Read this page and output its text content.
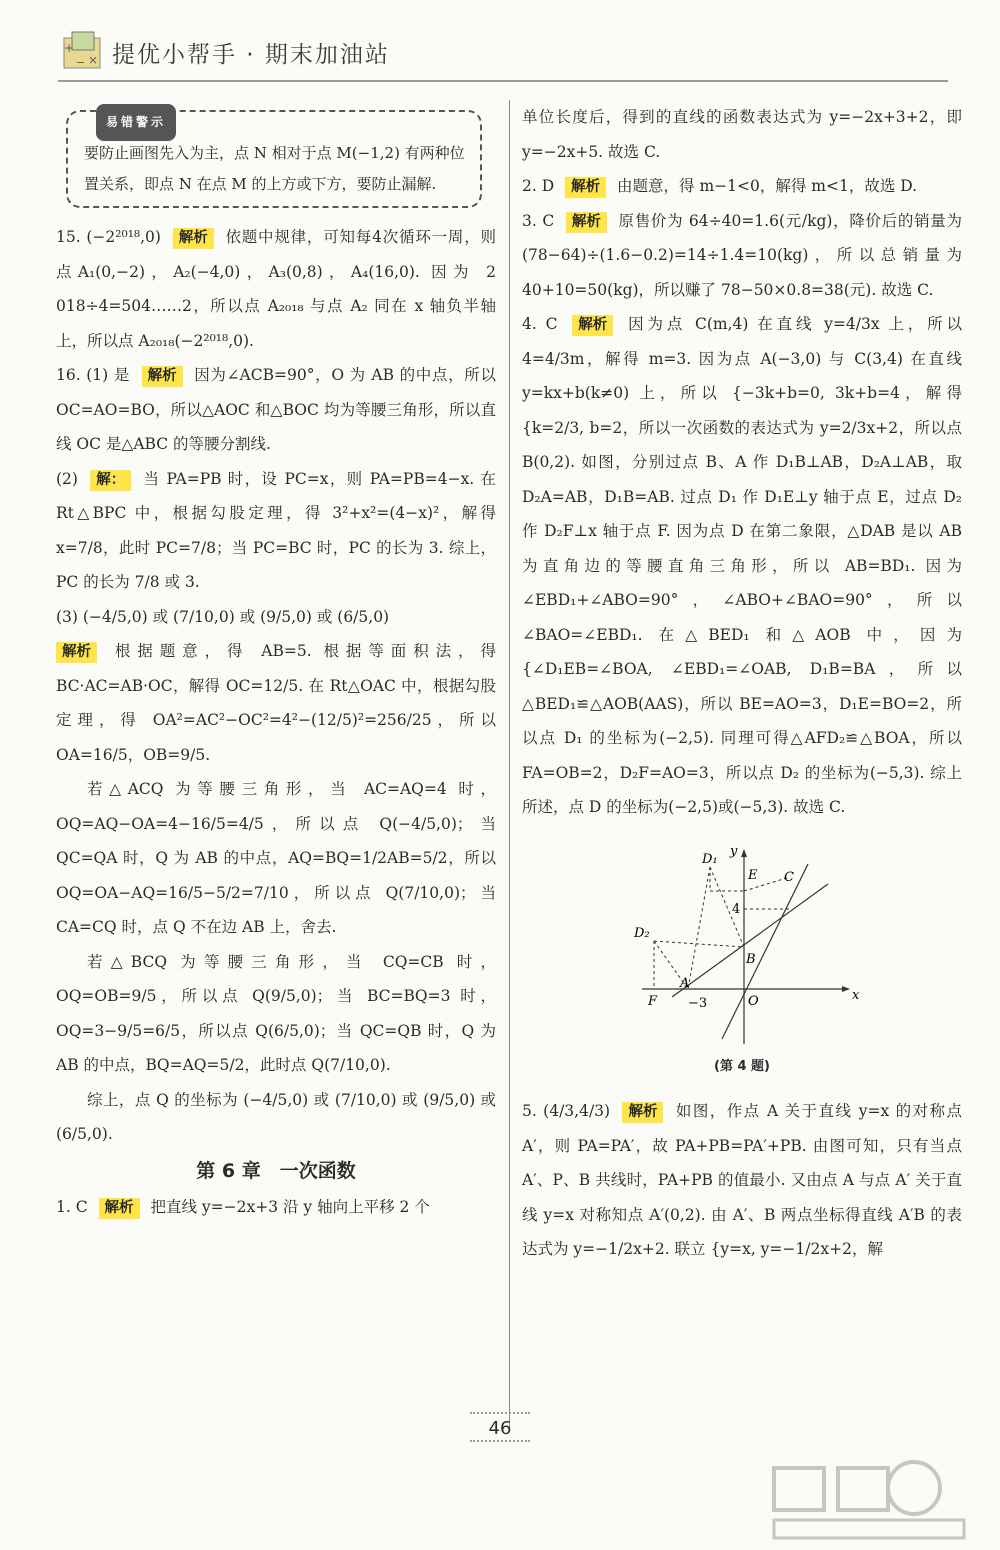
+
×
− 提优小帮手 · 期末加油站
易错警示
要防止画图先入为主，点 N 相对于点 M(−1,2) 有两种位置关系，即点 N 在点 M 的上方或下方，要防止漏解.

15. (−2²⁰¹⁸,0) 解析 依题中规律，可知每4次循环一周，则点A₁(0,−2)，A₂(−4,0)，A₃(0,8)，A₄(16,0). 因为 2 018÷4=504……2，所以点 A₂₀₁₈ 与点 A₂ 同在 x 轴负半轴上，所以点 A₂₀₁₈(−2²⁰¹⁸,0).

16. (1) 是 解析 因为∠ACB=90°，O 为 AB 的中点，所以 OC=AO=BO，所以△AOC 和△BOC 均为等腰三角形，所以直线 OC 是△ABC 的等腰分割线.

(2) 解： 当 PA=PB 时，设 PC=x，则 PA=PB=4−x. 在 Rt△BPC 中，根据勾股定理，得 3²+x²=(4−x)²，解得 x=7/8，此时 PC=7/8；当 PC=BC 时，PC 的长为 3. 综上，PC 的长为 7/8 或 3.

(3) (−4/5,0) 或 (7/10,0) 或 (9/5,0) 或 (6/5,0)

解析 根据题意，得 AB=5. 根据等面积法，得 BC·AC=AB·OC，解得 OC=12/5. 在 Rt△OAC 中，根据勾股定理，得 OA²=AC²−OC²=4²−(12/5)²=256/25，所以 OA=16/5，OB=9/5.

若△ACQ 为等腰三角形，当 AC=AQ=4 时，OQ=AQ−OA=4−16/5=4/5，所以点 Q(−4/5,0)；当 QC=QA 时，Q 为 AB 的中点，AQ=BQ=1/2AB=5/2，所以 OQ=OA−AQ=16/5−5/2=7/10，所以点 Q(7/10,0)；当 CA=CQ 时，点 Q 不在边 AB 上，舍去.

若△BCQ 为等腰三角形，当 CQ=CB 时，OQ=OB=9/5，所以点 Q(9/5,0)；当 BC=BQ=3 时，OQ=3−9/5=6/5，所以点 Q(6/5,0)；当 QC=QB 时，Q 为 AB 的中点，BQ=AQ=5/2，此时点 Q(7/10,0).

综上，点 Q 的坐标为 (−4/5,0) 或 (7/10,0) 或 (9/5,0) 或 (6/5,0).

第 6 章　一次函数

1. C 解析 把直线 y=−2x+3 沿 y 轴向上平移 2 个

单位长度后，得到的直线的函数表达式为 y=−2x+3+2，即 y=−2x+5. 故选 C.

2. D 解析 由题意，得 m−1<0，解得 m<1，故选 D.

3. C 解析 原售价为 64÷40=1.6(元/kg)，降价后的销量为(78−64)÷(1.6−0.2)=14÷1.4=10(kg)，所以总销量为 40+10=50(kg)，所以赚了 78−50×0.8=38(元). 故选 C.

4. C 解析 因为点 C(m,4) 在直线 y=4/3x 上，所以 4=4/3m，解得 m=3. 因为点 A(−3,0) 与 C(3,4) 在直线 y=kx+b(k≠0) 上，所以 {−3k+b=0, 3k+b=4，解得 {k=2/3, b=2，所以一次函数的表达式为 y=2/3x+2，所以点 B(0,2). 如图，分别过点 B、A 作 D₁B⊥AB，D₂A⊥AB，取 D₂A=AB，D₁B=AB. 过点 D₁ 作 D₁E⊥y 轴于点 E，过点 D₂ 作 D₂F⊥x 轴于点 F. 因为点 D 在第二象限，△DAB 是以 AB 为直角边的等腰直角三角形，所以 AB=BD₁. 因为∠EBD₁+∠ABO=90°，∠ABO+∠BAO=90°，所以∠BAO=∠EBD₁. 在△BED₁ 和△AOB 中，因为 {∠D₁EB=∠BOA, ∠EBD₁=∠OAB, D₁B=BA，所以△BED₁≌△AOB(AAS)，所以 BE=AO=3，D₁E=BO=2，所以点 D₁ 的坐标为(−2,5). 同理可得△AFD₂≌△BOA，所以 FA=OB=2，D₂F=AO=3，所以点 D₂ 的坐标为(−5,3). 综上所述，点 D 的坐标为(−2,5)或(−5,3). 故选 C.

D₁
y
E C
4
D₂
B
F
A
−3	O	x

(第 4 题)

5. (4/3,4/3) 解析 如图，作点 A 关于直线 y=x 的对称点 A′，则 PA=PA′，故 PA+PB=PA′+PB. 由图可知，只有当点 A′、P、B 共线时，PA+PB 的值最小. 又由点 A 与点 A′ 关于直线 y=x 对称知点 A′(0,2). 由 A′、B 两点坐标得直线 A′B 的表达式为 y=−1/2x+2. 联立 {y=x, y=−1/2x+2，解

46
